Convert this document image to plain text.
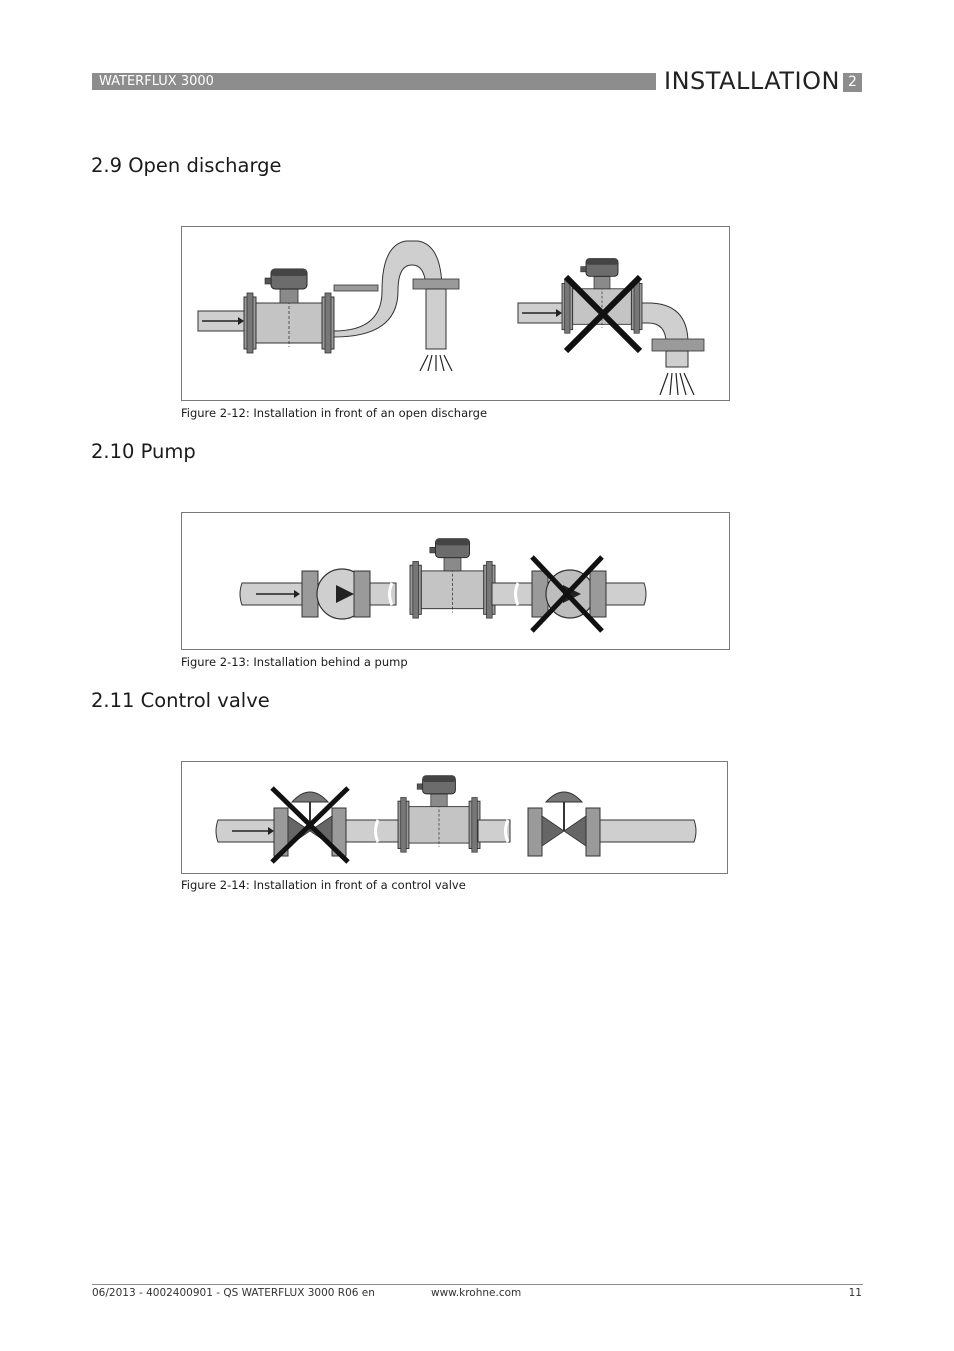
WATERFLUX 3000	INSTALLATION 2
2.9 Open discharge
Figure 2-12: Installation in front of an open discharge
2.10 Pump
Figure 2-13: Installation behind a pump
2.11 Control valve
Figure 2-14: Installation in front of a control valve
06/2013 - 4002400901 - QS WATERFLUX 3000 R06 en	www.krohne.com	11
